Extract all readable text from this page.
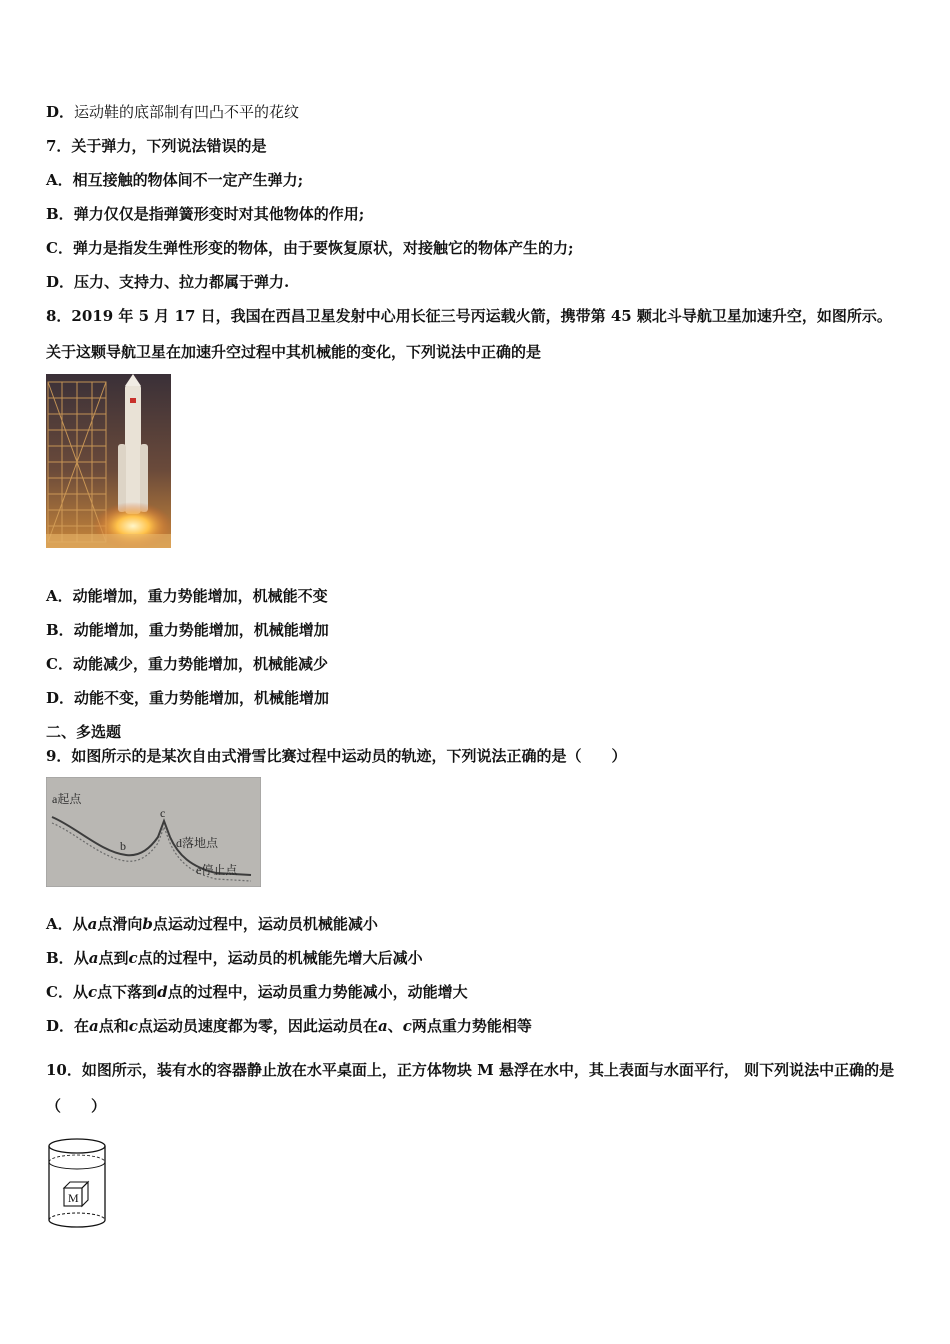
D．运动鞋的底部制有凹凸不平的花纹
7．关于弹力，下列说法错误的是
A．相互接触的物体间不一定产生弹力;
B．弹力仅仅是指弹簧形变时对其他物体的作用;
C．弹力是指发生弹性形变的物体，由于要恢复原状，对接触它的物体产生的力;
D．压力、支持力、拉力都属于弹力.
8．2019 年 5 月 17 日，我国在西昌卫星发射中心用长征三号丙运载火箭，携带第 45 颗北斗导航卫星加速升空，如图所示。关于这颗导航卫星在加速升空过程中其机械能的变化，下列说法中正确的是
A．动能增加，重力势能增加，机械能不变
B．动能增加，重力势能增加，机械能增加
C．动能减少，重力势能增加，机械能减少
D．动能不变，重力势能增加，机械能增加
二、多选题
9．如图所示的是某次自由式滑雪比赛过程中运动员的轨迹，下列说法正确的是（　　）
a起点
b
c
d落地点
e停止点
A．从a点滑向b点运动过程中，运动员机械能减小
B．从a点到c点的过程中，运动员的机械能先增大后减小
C．从c点下落到d点的过程中，运动员重力势能减小，动能增大
D．在a点和c点运动员速度都为零，因此运动员在a、c两点重力势能相等
10．如图所示，装有水的容器静止放在水平桌面上，正方体物块 M 悬浮在水中，其上表面与水面平行， 则下列说法中正确的是（　　）
M
